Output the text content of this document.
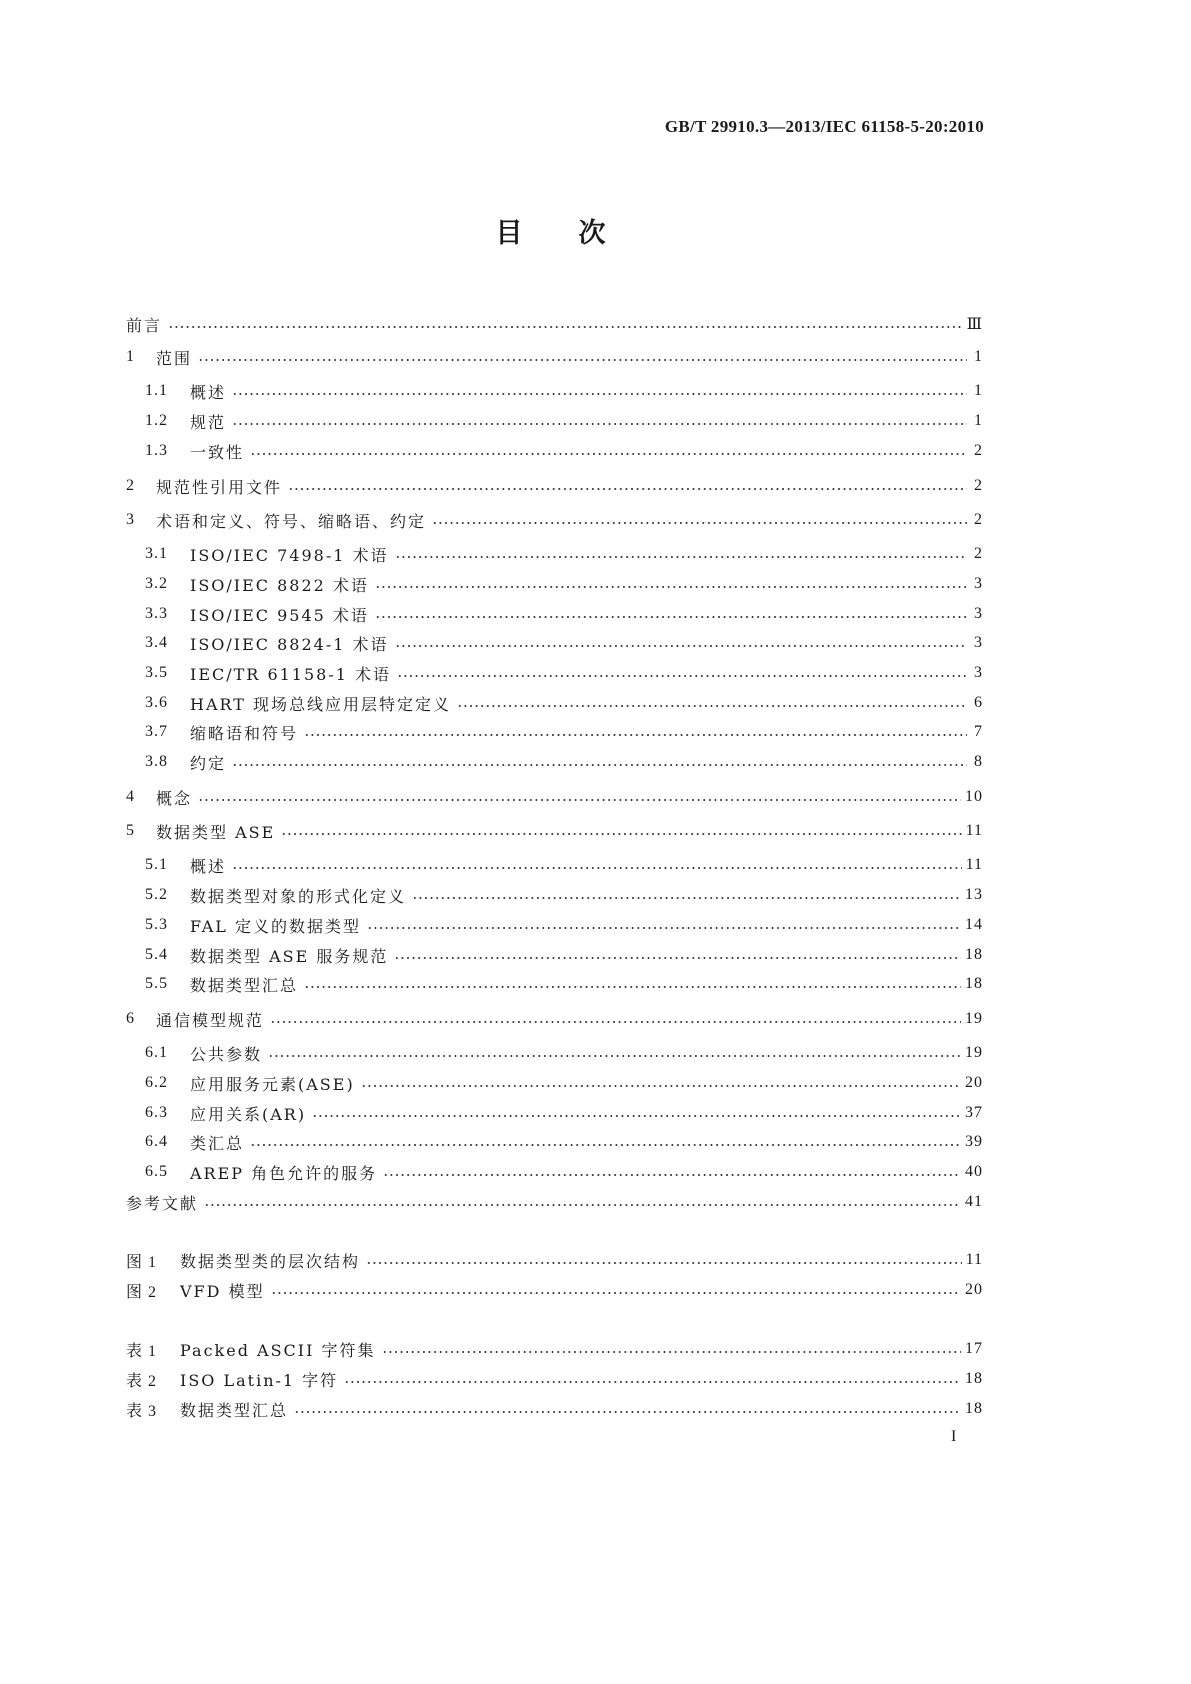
GB/T 29910.3—2013/IEC 61158-5-20:2010
目次
前言	Ⅲ
1	范围	1
1.1	概述	1
1.2	规范	1
1.3	一致性	2
2	规范性引用文件	2
3	术语和定义、符号、缩略语、约定	2
3.1	ISO/IEC 7498-1 术语	2
3.2	ISO/IEC 8822 术语	3
3.3	ISO/IEC 9545 术语	3
3.4	ISO/IEC 8824-1 术语	3
3.5	IEC/TR 61158-1 术语	3
3.6	HART 现场总线应用层特定定义	6
3.7	缩略语和符号	7
3.8	约定	8
4	概念	10
5	数据类型 ASE	11
5.1	概述	11
5.2	数据类型对象的形式化定义	13
5.3	FAL 定义的数据类型	14
5.4	数据类型 ASE 服务规范	18
5.5	数据类型汇总	18
6	通信模型规范	19
6.1	公共参数	19
6.2	应用服务元素(ASE)	20
6.3	应用关系(AR)	37
6.4	类汇总	39
6.5	AREP 角色允许的服务	40
参考文献	41
图 1	数据类型类的层次结构	11
图 2	VFD 模型	20
表 1	Packed ASCII 字符集	17
表 2	ISO Latin-1 字符	18
表 3	数据类型汇总	18
I
